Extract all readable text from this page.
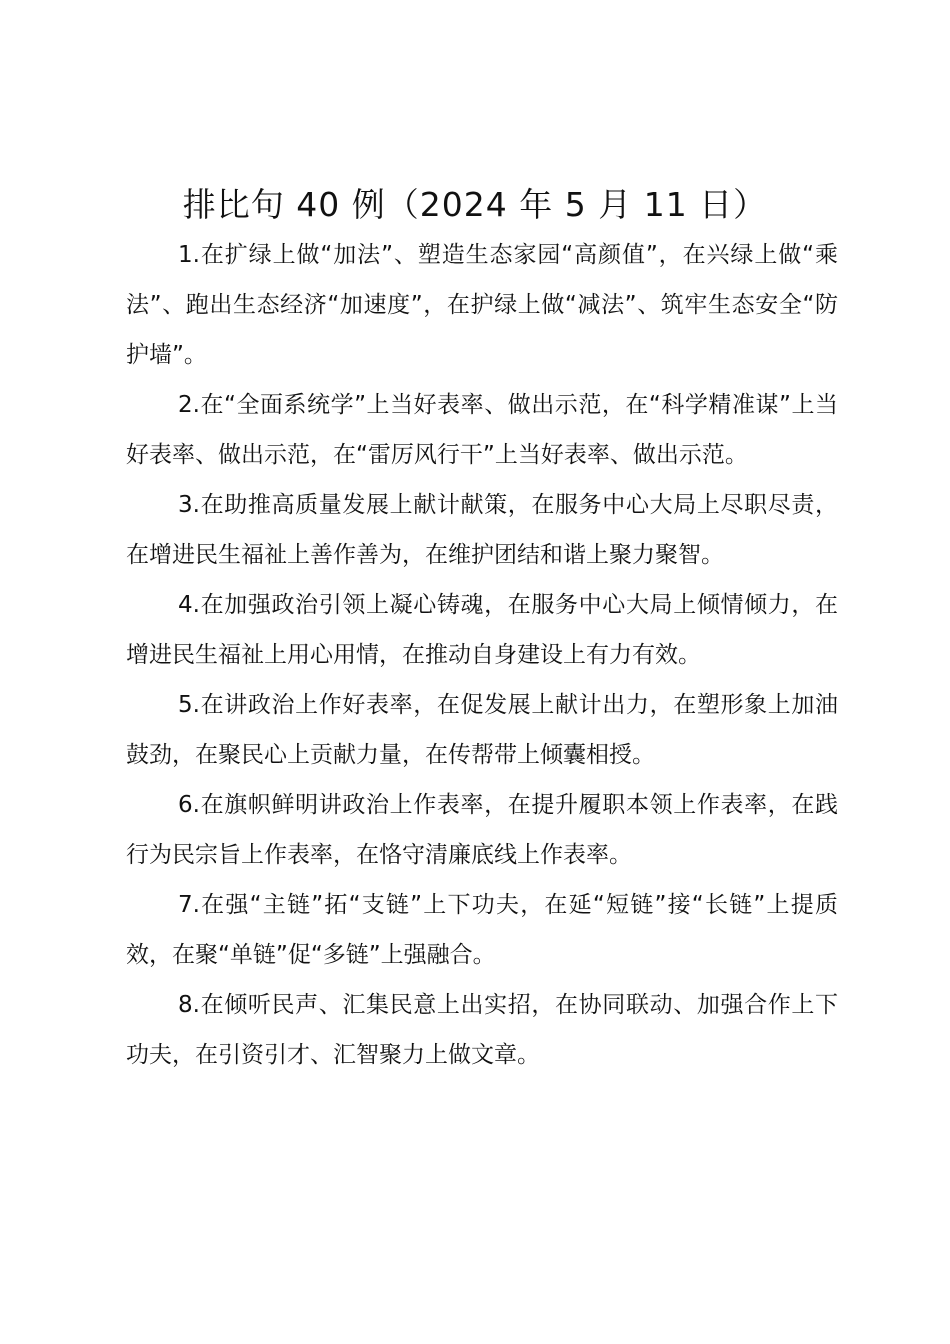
排比句 40 例（2024 年 5 月 11 日）

1.在扩绿上做“加法”、塑造生态家园“高颜值”，在兴绿上做“乘法”、跑出生态经济“加速度”，在护绿上做“减法”、筑牢生态安全“防护墙”。

2.在“全面系统学”上当好表率、做出示范，在“科学精准谋”上当好表率、做出示范，在“雷厉风行干”上当好表率、做出示范。

3.在助推高质量发展上献计献策，在服务中心大局上尽职尽责，在增进民生福祉上善作善为，在维护团结和谐上聚力聚智。

4.在加强政治引领上凝心铸魂，在服务中心大局上倾情倾力，在增进民生福祉上用心用情，在推动自身建设上有力有效。

5.在讲政治上作好表率，在促发展上献计出力，在塑形象上加油鼓劲，在聚民心上贡献力量，在传帮带上倾囊相授。

6.在旗帜鲜明讲政治上作表率，在提升履职本领上作表率，在践行为民宗旨上作表率，在恪守清廉底线上作表率。

7.在强“主链”拓“支链”上下功夫，在延“短链”接“长链”上提质效，在聚“单链”促“多链”上强融合。

8.在倾听民声、汇集民意上出实招，在协同联动、加强合作上下功夫，在引资引才、汇智聚力上做文章。
